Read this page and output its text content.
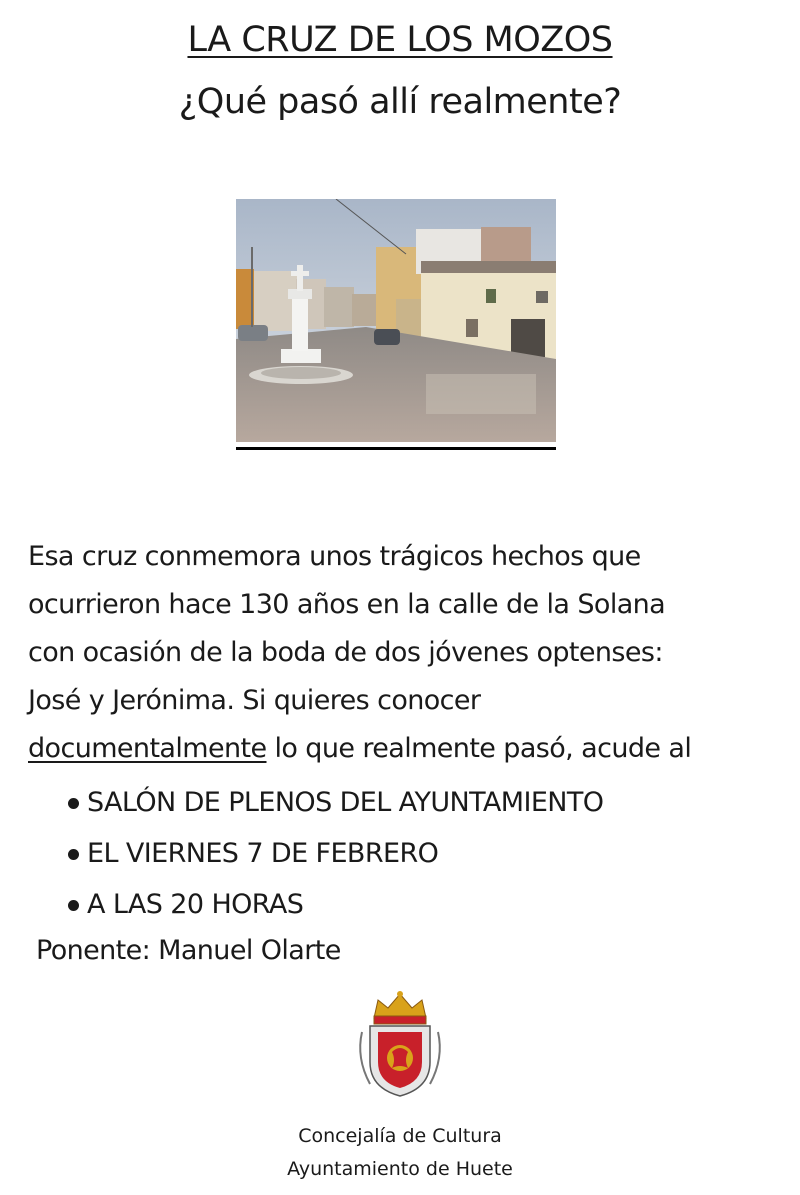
LA CRUZ DE LOS MOZOS
¿Qué pasó allí realmente?

Esa cruz conmemora unos trágicos hechos que
ocurrieron hace 130 años en la calle de la Solana
con ocasión de la boda de dos jóvenes optenses:
José y Jerónima. Si quieres conocer
documentalmente lo que realmente pasó, acude al

SALÓN DE PLENOS DEL AYUNTAMIENTO
EL VIERNES 7 DE FEBRERO
A LAS 20 HORAS
Ponente: Manuel Olarte
Concejalía de Cultura
Ayuntamiento de Huete
